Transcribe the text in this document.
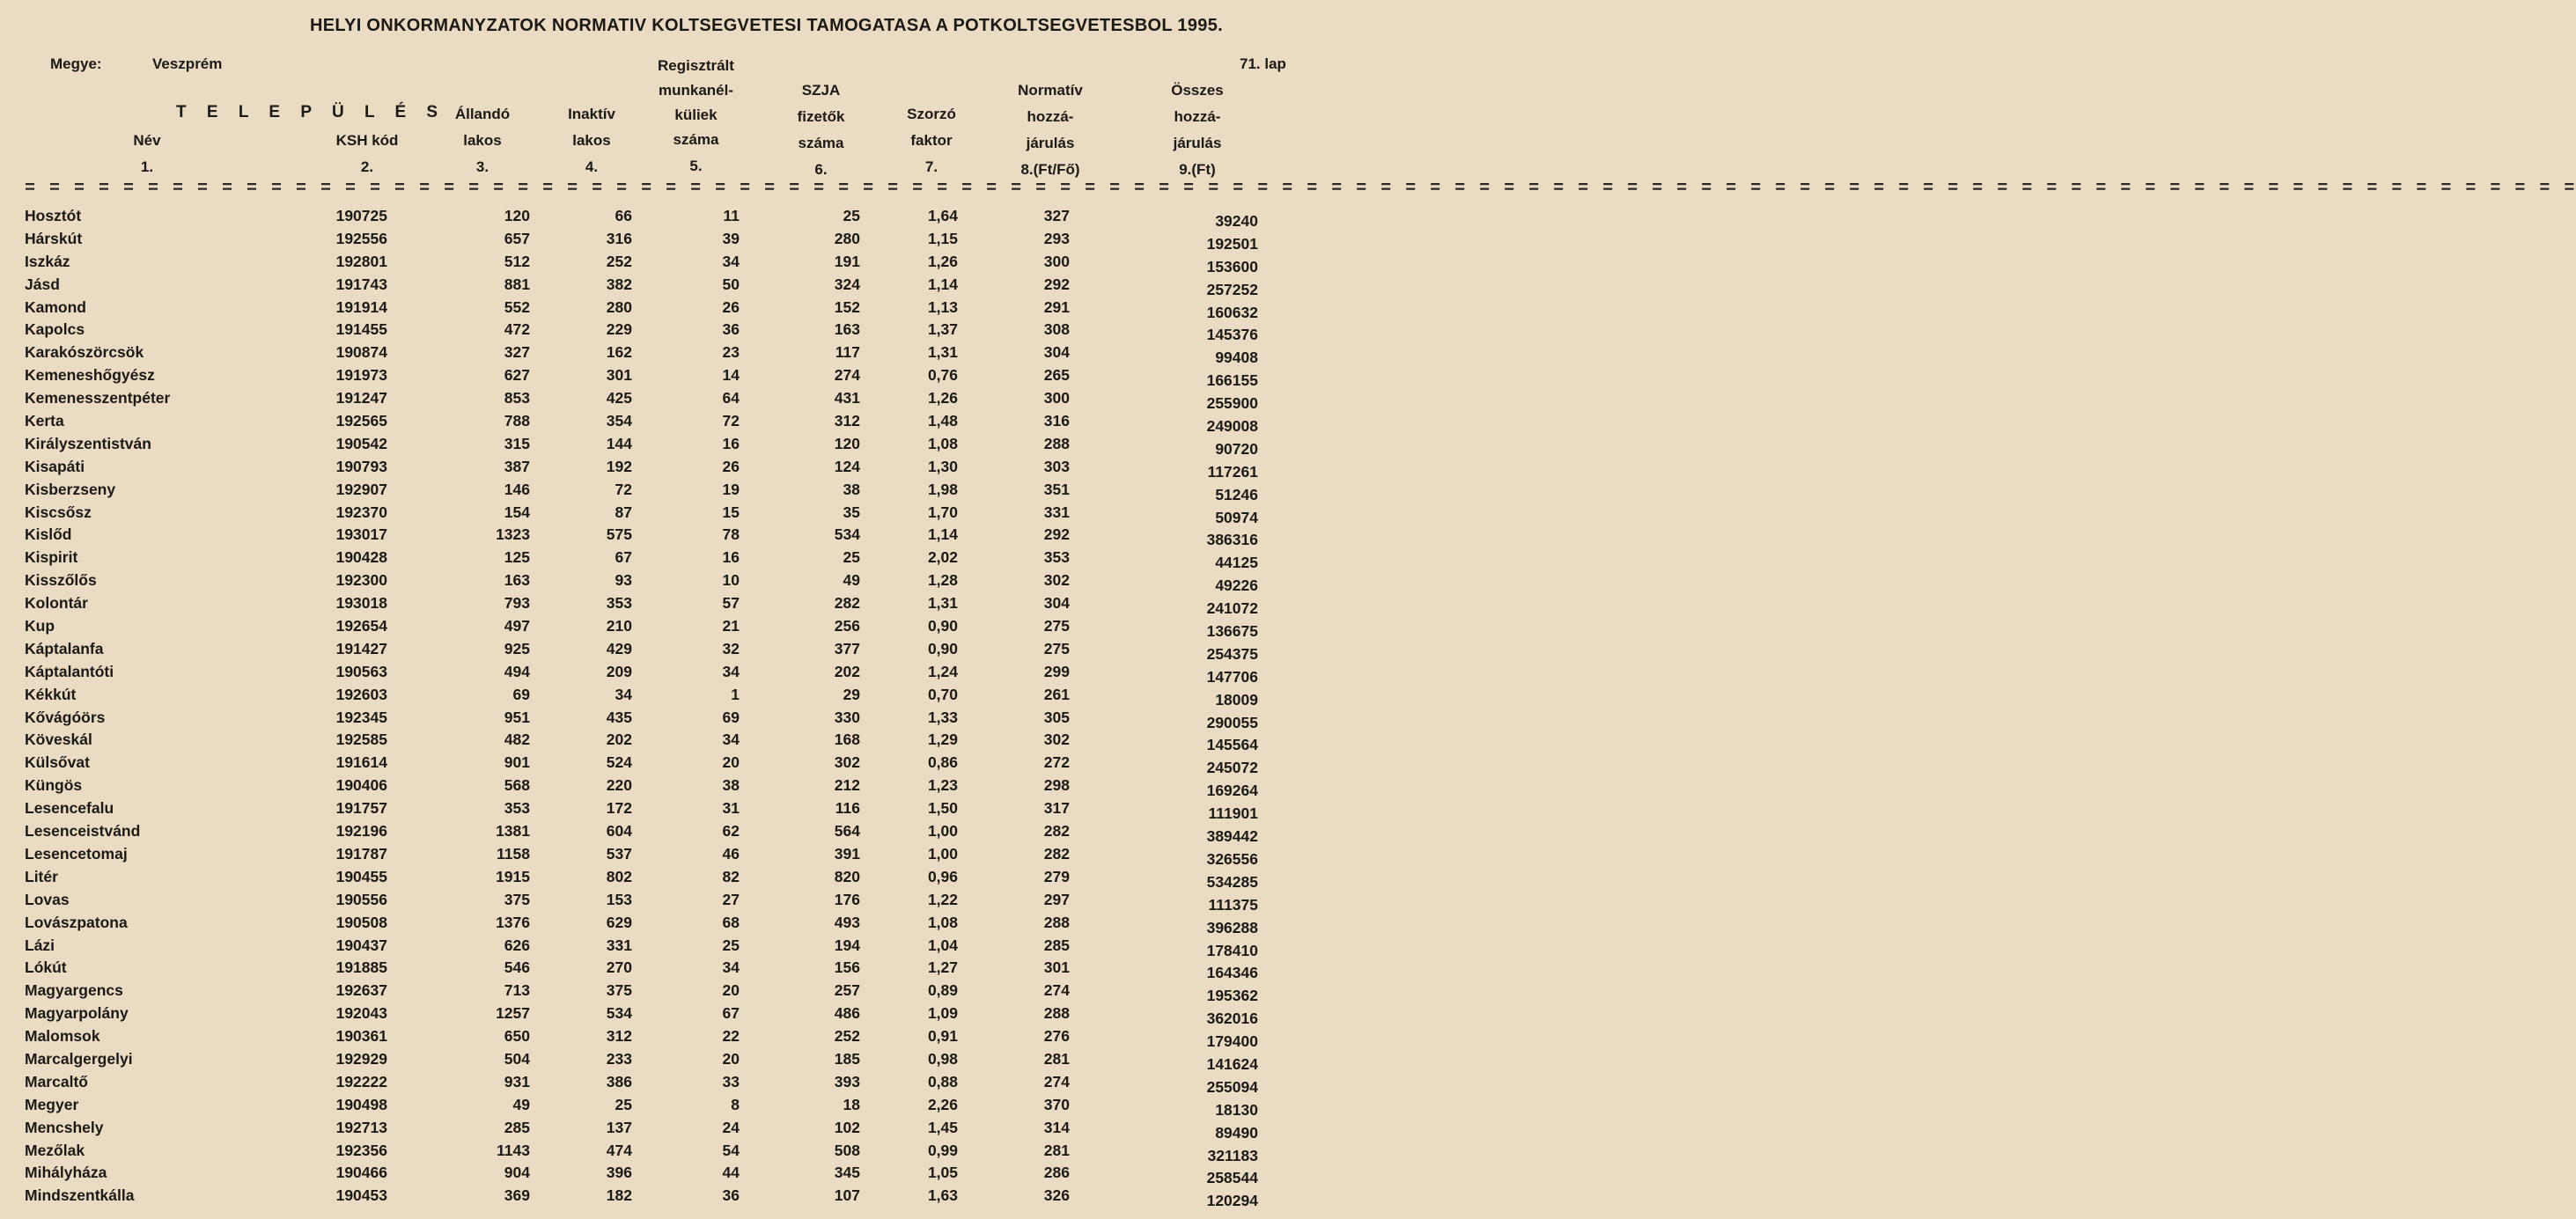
HELYI ONKORMANYZATOK NORMATIV KOLTSEGVETESI TAMOGATASA A POTKOLTSEGVETESBOL 1995.
Megye:	Veszprém	71. lap
T E L E P Ü L É S
Név
1.
KSH kód
2.
Állandó
lakos
3.
Inaktív
lakos
4.
Regisztrált
munkanél-
küliek
száma
5.
SZJA
fizetők
száma
6.
Szorzó
faktor
7.
Normatív
hozzá-
járulás
8.(Ft/Fő)
Összes
hozzá-
járulás
9.(Ft)
= = = = = = = = = = = = = = = = = = = = = = = = = = = = = = = = = = = = = = = = = = = = = = = = = = = = = = = = = = = = = = = = = = = = = = = = = = = = = = = = = = = = = = = = = = = = = = = = = = = = = = = =
Hosztót	190725	120	66	11	25	1,64	327	39240
Hárskút	192556	657	316	39	280	1,15	293	192501
Iszkáz	192801	512	252	34	191	1,26	300	153600
Jásd	191743	881	382	50	324	1,14	292	257252
Kamond	191914	552	280	26	152	1,13	291	160632
Kapolcs	191455	472	229	36	163	1,37	308	145376
Karakószörcsök	190874	327	162	23	117	1,31	304	99408
Kemeneshőgyész	191973	627	301	14	274	0,76	265	166155
Kemenesszentpéter	191247	853	425	64	431	1,26	300	255900
Kerta	192565	788	354	72	312	1,48	316	249008
Királyszentistván	190542	315	144	16	120	1,08	288	90720
Kisapáti	190793	387	192	26	124	1,30	303	117261
Kisberzseny	192907	146	72	19	38	1,98	351	51246
Kiscsősz	192370	154	87	15	35	1,70	331	50974
Kislőd	193017	1323	575	78	534	1,14	292	386316
Kispirit	190428	125	67	16	25	2,02	353	44125
Kisszőlős	192300	163	93	10	49	1,28	302	49226
Kolontár	193018	793	353	57	282	1,31	304	241072
Kup	192654	497	210	21	256	0,90	275	136675
Káptalanfa	191427	925	429	32	377	0,90	275	254375
Káptalantóti	190563	494	209	34	202	1,24	299	147706
Kékkút	192603	69	34	1	29	0,70	261	18009
Kővágóörs	192345	951	435	69	330	1,33	305	290055
Köveskál	192585	482	202	34	168	1,29	302	145564
Külsővat	191614	901	524	20	302	0,86	272	245072
Küngös	190406	568	220	38	212	1,23	298	169264
Lesencefalu	191757	353	172	31	116	1,50	317	111901
Lesenceistvánd	192196	1381	604	62	564	1,00	282	389442
Lesencetomaj	191787	1158	537	46	391	1,00	282	326556
Litér	190455	1915	802	82	820	0,96	279	534285
Lovas	190556	375	153	27	176	1,22	297	111375
Lovászpatona	190508	1376	629	68	493	1,08	288	396288
Lázi	190437	626	331	25	194	1,04	285	178410
Lókút	191885	546	270	34	156	1,27	301	164346
Magyargencs	192637	713	375	20	257	0,89	274	195362
Magyarpolány	192043	1257	534	67	486	1,09	288	362016
Malomsok	190361	650	312	22	252	0,91	276	179400
Marcalgergelyi	192929	504	233	20	185	0,98	281	141624
Marcaltő	192222	931	386	33	393	0,88	274	255094
Megyer	190498	49	25	8	18	2,26	370	18130
Mencshely	192713	285	137	24	102	1,45	314	89490
Mezőlak	192356	1143	474	54	508	0,99	281	321183
Mihályháza	190466	904	396	44	345	1,05	286	258544
Mindszentkálla	190453	369	182	36	107	1,63	326	120294
